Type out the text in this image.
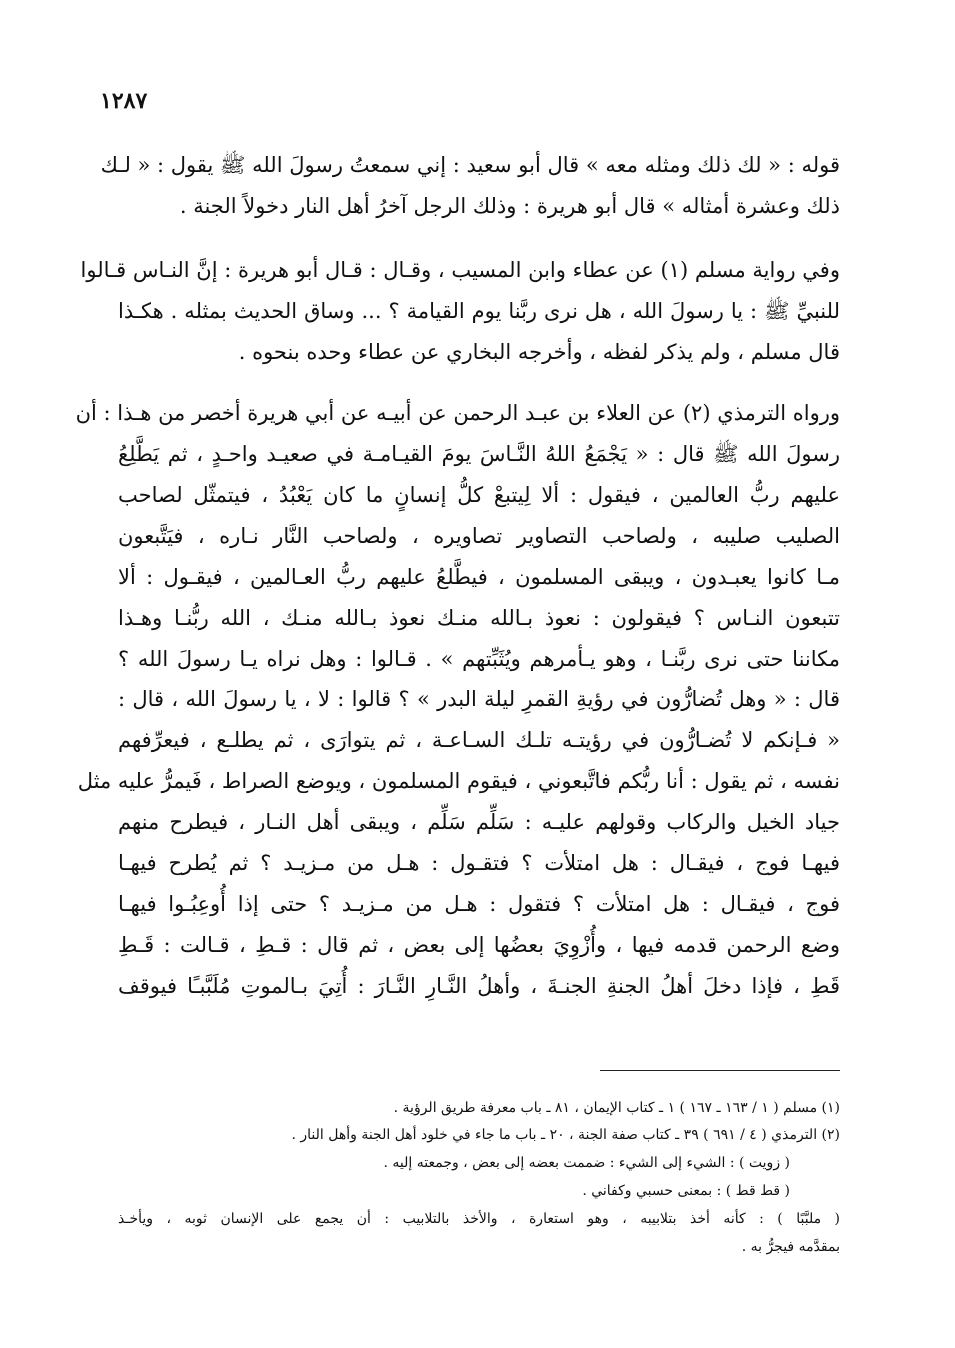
١٢٨٧
قوله : « لك ذلك ومثله معه » قال أبو سعيد : إني سمعتُ رسولَ الله ﷺ يقول : « لـك
ذلك وعشرة أمثاله » قال أبو هريرة : وذلك الرجل آخرُ أهل النار دخولاً الجنة .
وفي رواية مسلم (١) عن عطاء وابن المسيب ، وقـال : قـال أبو هريرة : إنَّ النـاس قـالوا
للنبيِّ ﷺ : يا رسولَ الله ، هل نرى ربَّنا يوم القيامة ؟ ... وساق الحديث بمثله . هكـذا
قال مسلم ، ولم يذكر لفظه ، وأخرجه البخاري عن عطاء وحده بنحوه .
ورواه الترمذي (٢) عن العلاء بن عبـد الرحمن عن أبيـه عن أبي هريرة أخصر من هـذا : أن
رسولَ الله ﷺ قال : « يَجْمَعُ اللهُ النَّـاسَ يومَ القيـامـة في صعيـد واحـدٍ ، ثم يَطَّلِعُ
عليهم ربُّ العالمين ، فيقول : ألا لِيتبعْ كلُّ إنسانٍ ما كان يَعْبُدُ ، فيتمثّل لصاحب
الصليب صليبه ، ولصاحب التصاوير تصاويره ، ولصاحب النَّار نـاره ، فيَتَّبعون
مـا كانوا يعبـدون ، ويبقى المسلمون ، فيطَّلعُ عليهم ربُّ العـالمين ، فيقـول : ألا
تتبعون النـاس ؟ فيقولون : نعوذ بـالله منـك نعوذ بـالله منـك ، الله ربُّنـا وهـذا
مكاننا حتى نرى ربَّنـا ، وهو يـأمرهم ويُثَبِّتهم » . قـالوا : وهل نراه يـا رسولَ الله ؟
قال : « وهل تُضارُّون في رؤيةِ القمرِ ليلة البدر » ؟ قالوا : لا ، يا رسولَ الله ، قال :
« فـإنكم لا تُضـارُّون في رؤيتـه تلـك السـاعـة ، ثم يتوارَى ، ثم يطلـع ، فيعرِّفهم
نفسه ، ثم يقول : أنا ربُّكم فاتَّبعوني ، فيقوم المسلمون ، ويوضع الصراط ، فَيمرُّ عليه مثل
جياد الخيل والركاب وقولهم عليـه : سَلِّم سَلِّم ، ويبقى أهل النـار ، فيطرح منهم
فيهـا فوج ، فيقـال : هل امتلأت ؟ فتقـول : هـل من مـزيـد ؟ ثم يُطرح فيهـا
فوج ، فيقـال : هل امتلأت ؟ فتقول : هـل من مـزيـد ؟ حتى إذا أُوعِبُـوا فيهـا
وضع الرحمن قدمه فيها ، وأُزْوِيَ بعضُها إلى بعض ، ثم قال : قـطِ ، قـالت : قَـطِ
قَطِ ، فإذا دخلَ أهلُ الجنةِ الجنـةَ ، وأهلُ النَّـارِ النَّـارَ : أُتِيَ بـالموتِ مُلَبَّبـًا فيوقف
(١) مسلم ( ١ / ١٦٣ ـ ١٦٧ ) ١ ـ كتاب الإيمان ، ٨١ ـ باب معرفة طريق الرؤية .
(٢) الترمذي ( ٤ / ٦٩١ ) ٣٩ ـ كتاب صفة الجنة ، ٢٠ ـ باب ما جاء في خلود أهل الجنة وأهل النار .
( زويت ) : الشيء إلى الشيء : ضممت بعضه إلى بعض ، وجمعته إليه .
( قط قط ) : بمعنى حسبي وكفاني .
( ملبَّبًا ) : كأنه أخذ بتلابيبه ، وهو استعارة ، والأخذ بالتلابيب : أن يجمع على الإنسان ثوبه ، ويأخـذ
بمقدَّمه فيجرُّ به .
